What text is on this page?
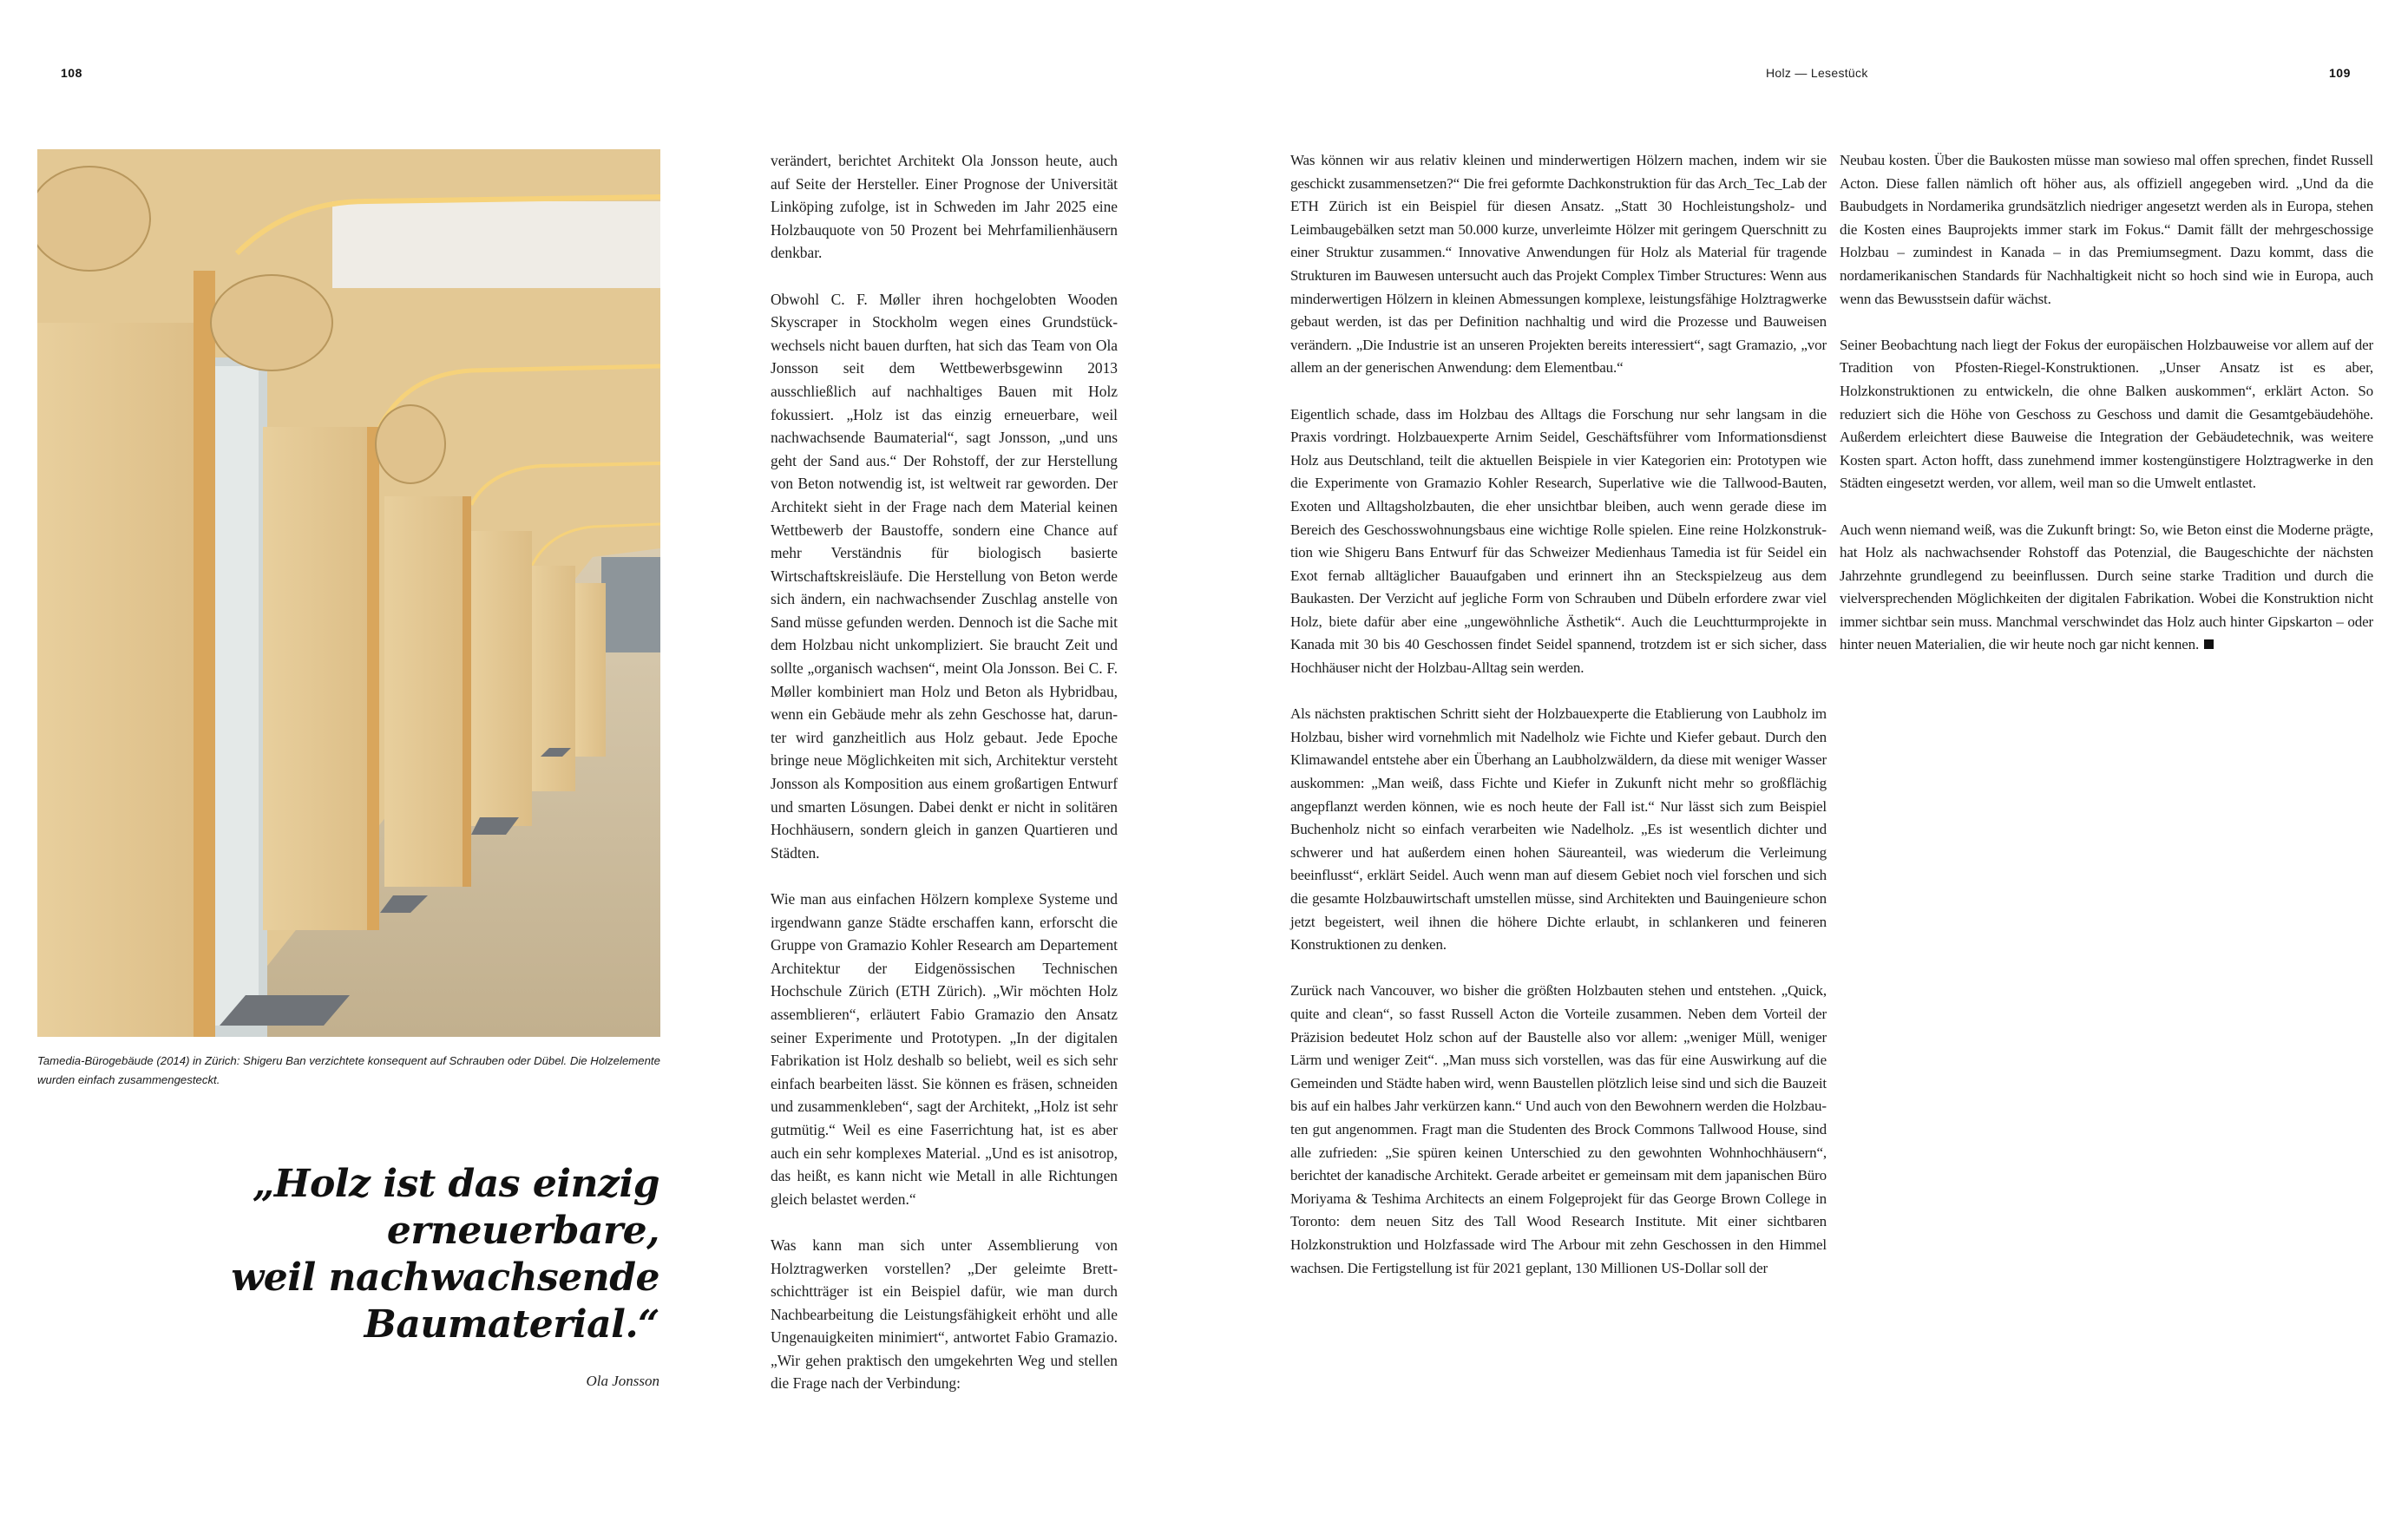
108	Holz — Lesestück	109
Tamedia-Bürogebäude (2014) in Zürich: Shigeru Ban verzichtete konsequent auf Schrauben oder Dübel. Die Holzelemente wurden einfach zusammengesteckt.
„Holz ist das einzig
erneuerbare,
weil nachwachsende
Baumaterial.“
Ola Jonsson

verändert, berichtet Architekt Ola Jonsson heute, auch auf Seite der Hersteller. Einer Prognose der Universität Linköping zufolge, ist in Schweden im Jahr 2025 eine Holzbauquote von 50 Prozent bei Mehrfamilienhäusern denkbar.

Obwohl C. F. Møller ihren hochgelobten Wooden Skyscraper in Stockholm wegen eines Grundstückwechsels nicht bauen durften, hat sich das Team von Ola Jonsson seit dem Wettbewerbsgewinn 2013 ausschließlich auf nachhaltiges Bauen mit Holz fokussiert. „Holz ist das einzig erneuerbare, weil nachwachsende Baumaterial“, sagt Jonsson, „und uns geht der Sand aus.“ Der Rohstoff, der zur Herstellung von Beton notwendig ist, ist weltweit rar geworden. Der Architekt sieht in der Frage nach dem Material keinen Wettbewerb der Baustoffe, sondern eine Chance auf mehr Verständnis für biologisch basierte Wirtschaftskreisläufe. Die Herstellung von Beton werde sich ändern, ein nachwachsender Zuschlag anstelle von Sand müsse gefunden werden. Dennoch ist die Sache mit dem Holzbau nicht unkompliziert. Sie braucht Zeit und sollte „organisch wachsen“, meint Ola Jonsson. Bei C. F. Møller kombiniert man Holz und Beton als Hybridbau, wenn ein Gebäude mehr als zehn Geschosse hat, darunter wird ganzheitlich aus Holz gebaut. Jede Epoche bringe neue Möglichkeiten mit sich, Architektur versteht Jonsson als Komposition aus einem großartigen Entwurf und smarten Lösungen. Dabei denkt er nicht in solitären Hochhäusern, sondern gleich in ganzen Quartieren und Städten.

Wie man aus einfachen Hölzern komplexe Systeme und irgendwann ganze Städte erschaffen kann, erforscht die Gruppe von Gramazio Kohler Research am Departement Architektur der Eidgenössischen Technischen Hochschule Zürich (ETH Zürich). „Wir möchten Holz assemblieren“, erläutert Fabio Gramazio den Ansatz seiner Experimente und Prototypen. „In der digitalen Fabrikation ist Holz deshalb so beliebt, weil es sich sehr einfach bearbeiten lässt. Sie können es fräsen, schneiden und zusammenkleben“, sagt der Architekt, „Holz ist sehr gutmütig.“ Weil es eine Faserrichtung hat, ist es aber auch ein sehr komplexes Material. „Und es ist anisotrop, das heißt, es kann nicht wie Metall in alle Richtungen gleich belastet werden.“

Was kann man sich unter Assemblierung von Holztragwerken vorstellen? „Der geleimte Brettschichtträger ist ein Beispiel dafür, wie man durch Nachbearbeitung die Leistungsfähigkeit erhöht und alle Ungenauigkeiten minimiert“, antwortet Fabio Gramazio. „Wir gehen praktisch den umgekehrten Weg und stellen die Frage nach der Verbindung:

Was können wir aus relativ kleinen und minderwertigen Hölzern machen, indem wir sie geschickt zusammensetzen?“ Die frei geformte Dachkonstruktion für das Arch_Tec_Lab der ETH Zürich ist ein Beispiel für diesen Ansatz. „Statt 30 Hochleistungsholz- und Leimbaugebälken setzt man 50.000 kurze, unverleimte Hölzer mit geringem Querschnitt zu einer Struktur zusammen.“ Innovative Anwendungen für Holz als Material für tragende Strukturen im Bauwesen untersucht auch das Projekt Complex Timber Structures: Wenn aus minderwertigen Hölzern in kleinen Abmessungen komplexe, leistungsfähige Holztragwerke gebaut werden, ist das per Definition nachhaltig und wird die Prozesse und Bauweisen verändern. „Die Industrie ist an unseren Projekten bereits interessiert“, sagt Gramazio, „vor allem an der generischen Anwendung: dem Elementbau.“

Eigentlich schade, dass im Holzbau des Alltags die Forschung nur sehr langsam in die Praxis vordringt. Holzbauexperte Arnim Seidel, Geschäftsführer vom Informationsdienst Holz aus Deutschland, teilt die aktuellen Beispiele in vier Kategorien ein: Prototypen wie die Experimente von Gramazio Kohler Research, Superlative wie die Tallwood-Bauten, Exoten und Alltagsholzbauten, die eher unsichtbar bleiben, auch wenn gerade diese im Bereich des Geschosswohnungsbaus eine wichtige Rolle spielen. Eine reine Holzkonstruktion wie Shigeru Bans Entwurf für das Schweizer Medienhaus Tamedia ist für Seidel ein Exot fernab alltäglicher Bauaufgaben und erinnert ihn an Steckspielzeug aus dem Baukasten. Der Verzicht auf jegliche Form von Schrauben und Dübeln erfordere zwar viel Holz, biete dafür aber eine „ungewöhnliche Ästhetik“. Auch die Leuchtturmprojekte in Kanada mit 30 bis 40 Geschossen findet Seidel spannend, trotzdem ist er sich sicher, dass Hochhäuser nicht der Holzbau-Alltag sein werden.

Als nächsten praktischen Schritt sieht der Holzbauexperte die Etablierung von Laubholz im Holzbau, bisher wird vornehmlich mit Nadelholz wie Fichte und Kiefer gebaut. Durch den Klimawandel entstehe aber ein Überhang an Laubholzwäldern, da diese mit weniger Wasser auskommen: „Man weiß, dass Fichte und Kiefer in Zukunft nicht mehr so großflächig angepflanzt werden können, wie es noch heute der Fall ist.“ Nur lässt sich zum Beispiel Buchenholz nicht so einfach verarbeiten wie Nadelholz. „Es ist wesentlich dichter und schwerer und hat außerdem einen hohen Säureanteil, was wiederum die Verleimung beeinflusst“, erklärt Seidel. Auch wenn man auf diesem Gebiet noch viel forschen und sich die gesamte Holzbauwirtschaft umstellen müsse, sind Architekten und Bauingenieure schon jetzt begeistert, weil ihnen die höhere Dichte erlaubt, in schlankeren und feineren Konstruktionen zu denken.

Zurück nach Vancouver, wo bisher die größten Holzbauten stehen und entstehen. „Quick, quite and clean“, so fasst Russell Acton die Vorteile zusammen. Neben dem Vorteil der Präzision bedeutet Holz schon auf der Baustelle also vor allem: „weniger Müll, weniger Lärm und weniger Zeit“. „Man muss sich vorstellen, was das für eine Auswirkung auf die Gemeinden und Städte haben wird, wenn Baustellen plötzlich leise sind und sich die Bauzeit bis auf ein halbes Jahr verkürzen kann.“ Und auch von den Bewohnern werden die Holzbauten gut angenommen. Fragt man die Studenten des Brock Commons Tallwood House, sind alle zufrieden: „Sie spüren keinen Unterschied zu den gewohnten Wohnhochhäusern“, berichtet der kanadische Architekt. Gerade arbeitet er gemeinsam mit dem japanischen Büro Moriyama & Teshima Architects an einem Folgeprojekt für das George Brown College in Toronto: dem neuen Sitz des Tall Wood Research Institute. Mit einer sichtbaren Holzkonstruktion und Holzfassade wird The Arbour mit zehn Geschossen in den Himmel wachsen. Die Fertigstellung ist für 2021 geplant, 130 Millionen US-Dollar soll der

Neubau kosten. Über die Baukosten müsse man sowieso mal offen sprechen, findet Russell Acton. Diese fallen nämlich oft höher aus, als offiziell angegeben wird. „Und da die Baubudgets in Nordamerika grundsätzlich niedriger angesetzt werden als in Europa, stehen die Kosten eines Bauprojekts immer stark im Fokus.“ Damit fällt der mehrgeschossige Holzbau – zumindest in Kanada – in das Premiumsegment. Dazu kommt, dass die nordamerikanischen Standards für Nachhaltigkeit nicht so hoch sind wie in Europa, auch wenn das Bewusstsein dafür wächst.

Seiner Beobachtung nach liegt der Fokus der europäischen Holzbauweise vor allem auf der Tradition von Pfosten-Riegel-Konstruktionen. „Unser Ansatz ist es aber, Holzkonstruktionen zu entwickeln, die ohne Balken auskommen“, erklärt Acton. So reduziert sich die Höhe von Geschoss zu Geschoss und damit die Gesamtgebäudehöhe. Außerdem erleichtert diese Bauweise die Integration der Gebäudetechnik, was weitere Kosten spart. Acton hofft, dass zunehmend immer kostengünstigere Holztragwerke in den Städten eingesetzt werden, vor allem, weil man so die Umwelt entlastet.

Auch wenn niemand weiß, was die Zukunft bringt: So, wie Beton einst die Moderne prägte, hat Holz als nachwachsender Rohstoff das Potenzial, die Baugeschichte der nächsten Jahrzehnte grundlegend zu beeinflussen. Durch seine starke Tradition und durch die vielversprechenden Möglichkeiten der digitalen Fabrikation. Wobei die Konstruktion nicht immer sichtbar sein muss. Manchmal verschwindet das Holz auch hinter Gipskarton – oder hinter neuen Materialien, die wir heute noch gar nicht kennen.
